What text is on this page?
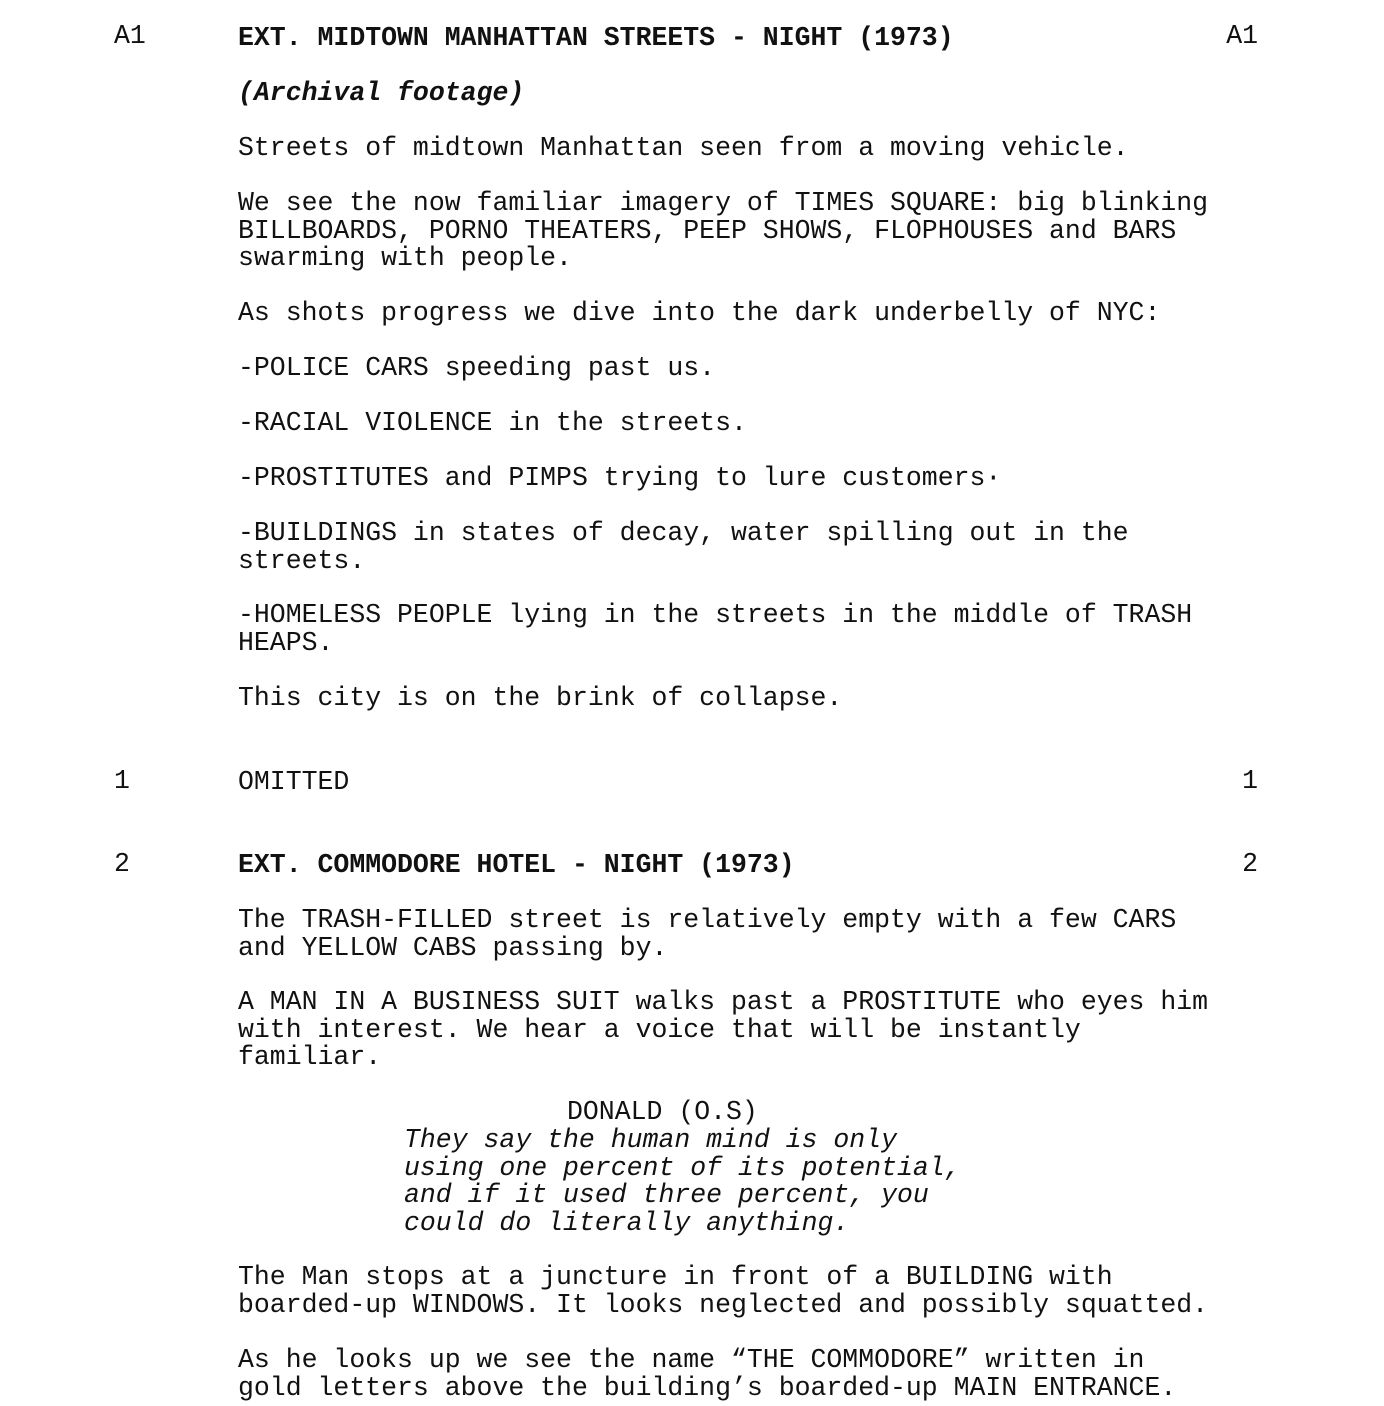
A1	EXT. MIDTOWN MANHATTAN STREETS - NIGHT (1973)	A1
(Archival footage)
Streets of midtown Manhattan seen from a moving vehicle.
We see the now familiar imagery of TIMES SQUARE: big blinking
BILLBOARDS, PORNO THEATERS, PEEP SHOWS, FLOPHOUSES and BARS
swarming with people.
As shots progress we dive into the dark underbelly of NYC:
-POLICE CARS speeding past us.
-RACIAL VIOLENCE in the streets.
-PROSTITUTES and PIMPS trying to lure customers·
-BUILDINGS in states of decay, water spilling out in the
streets.
-HOMELESS PEOPLE lying in the streets in the middle of TRASH
HEAPS.
This city is on the brink of collapse.
1	OMITTED	1
2	EXT. COMMODORE HOTEL - NIGHT (1973)	2
The TRASH-FILLED street is relatively empty with a few CARS
and YELLOW CABS passing by.
A MAN IN A BUSINESS SUIT walks past a PROSTITUTE who eyes him
with interest. We hear a voice that will be instantly
familiar.
DONALD (O.S)
They say the human mind is only
using one percent of its potential,
and if it used three percent, you
could do literally anything.
The Man stops at a juncture in front of a BUILDING with
boarded-up WINDOWS. It looks neglected and possibly squatted.
As he looks up we see the name “THE COMMODORE” written in
gold letters above the building’s boarded-up MAIN ENTRANCE.
